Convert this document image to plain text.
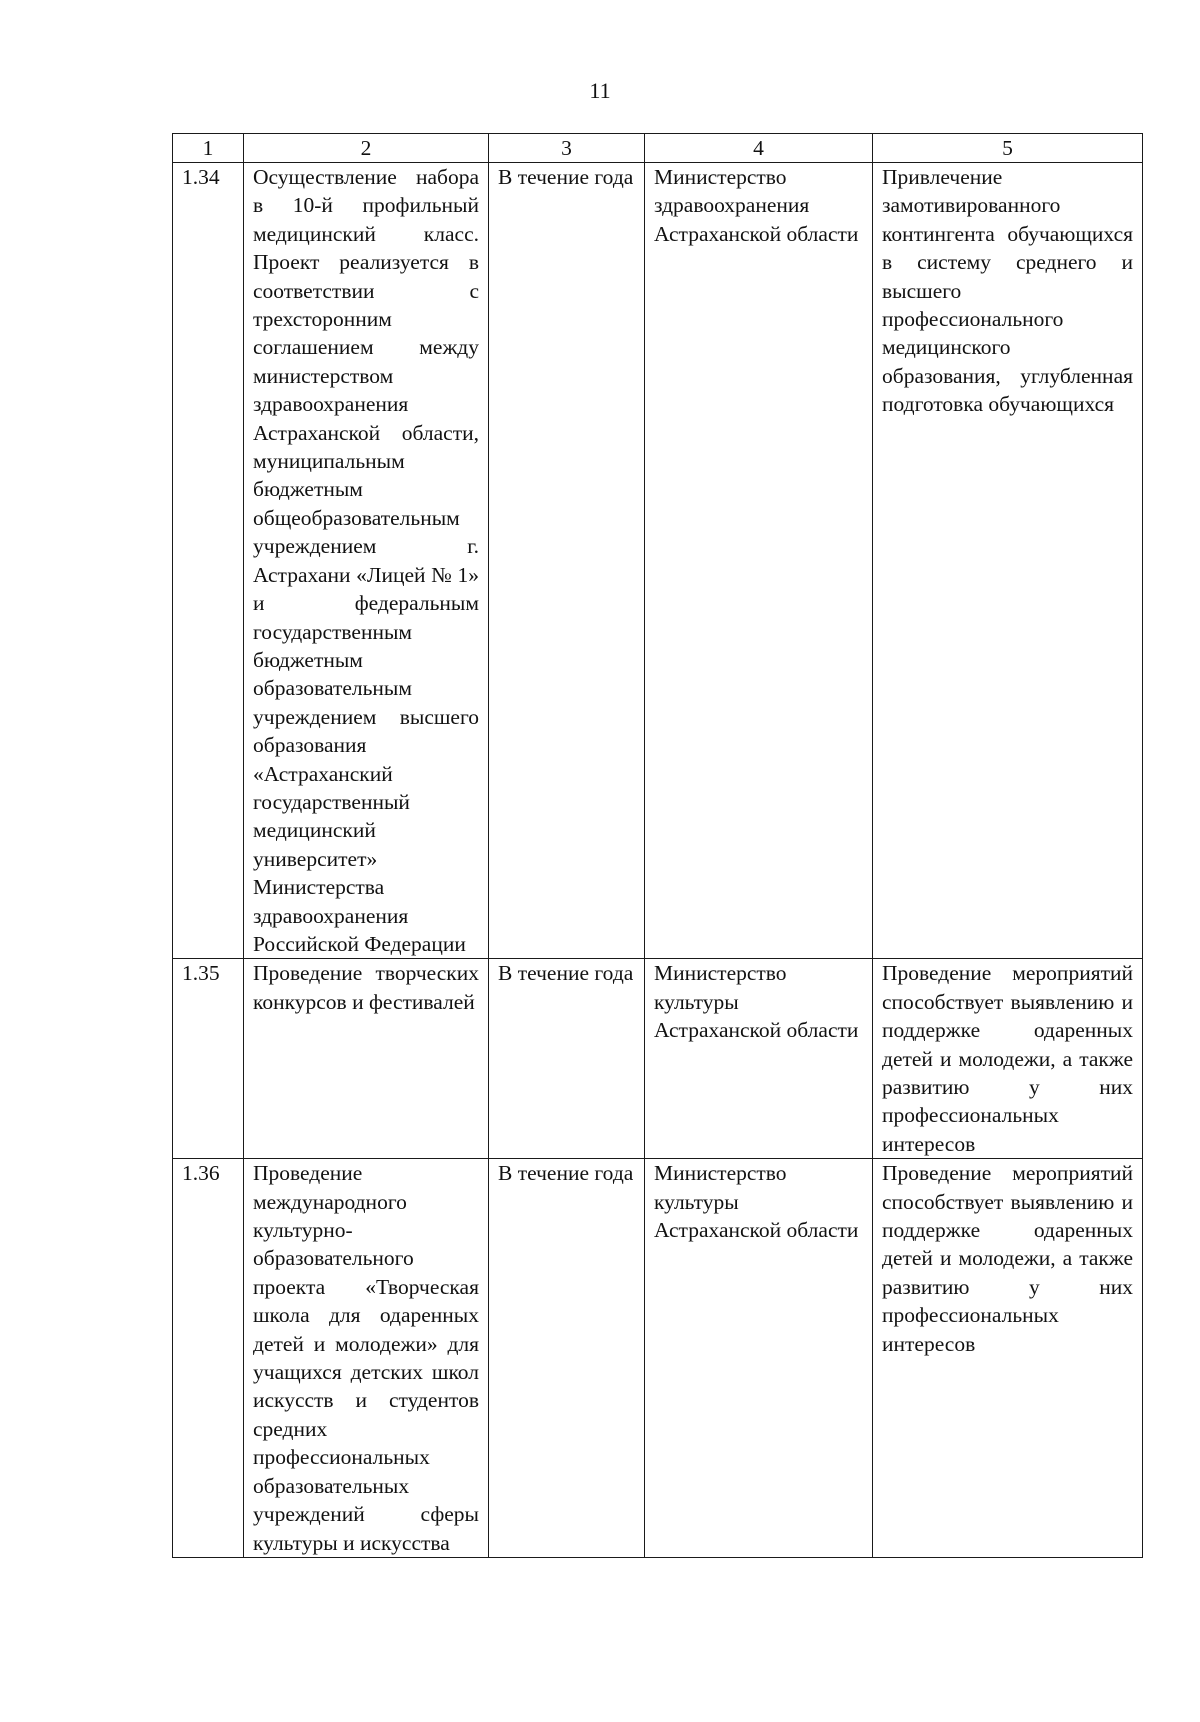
11
1	2	3	4	5
1.34	Осуществление набора в 10-й профильный медицинский класс. Проект реализуется в соответствии с трехсторонним соглашением между министерством здравоохранения Астраханской области, муниципальным бюджетным общеобразовательным учреждением г. Астрахани «Лицей № 1» и федеральным государственным бюджетным образовательным учреждением высшего образования «Астраханский государственный медицинский университет» Министерства здравоохранения Российской Федерации	В течение года	Министерство здравоохранения Астраханской области	Привлечение замотивированного контингента обучающихся в систему среднего и высшего профессионального медицинского образования, углубленная подготовка обучающихся
1.35	Проведение творческих конкурсов и фестивалей	В течение года	Министерство культуры Астраханской области	Проведение мероприятий способствует выявлению и поддержке одаренных детей и молодежи, а также развитию у них профессиональных интересов
1.36	Проведение международного культурно-образовательного проекта «Творческая школа для одаренных детей и молодежи» для учащихся детских школ искусств и студентов средних профессиональных образовательных учреждений сферы культуры и искусства	В течение года	Министерство культуры Астраханской области	Проведение мероприятий способствует выявлению и поддержке одаренных детей и молодежи, а также развитию у них профессиональных интересов
